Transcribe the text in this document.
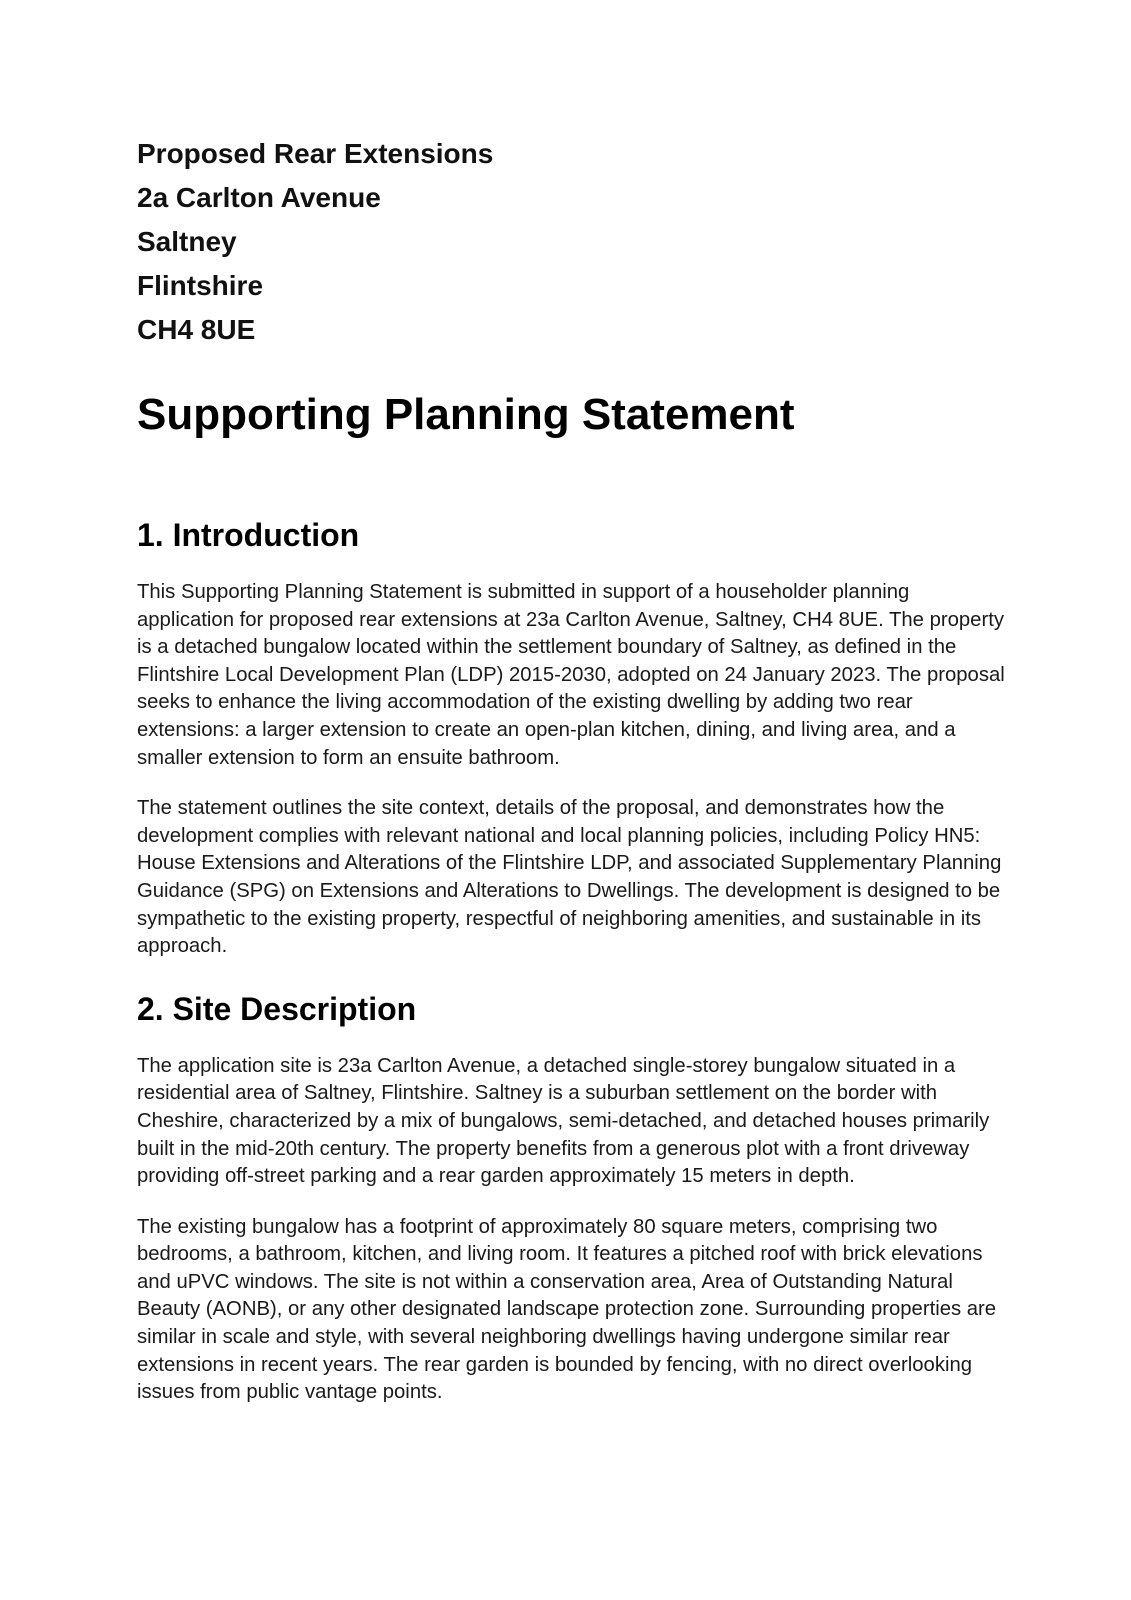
Proposed Rear Extensions

2a Carlton Avenue

Saltney

Flintshire

CH4 8UE

Supporting Planning Statement
1. Introduction

This Supporting Planning Statement is submitted in support of a householder planning application for proposed rear extensions at 23a Carlton Avenue, Saltney, CH4 8UE. The property is a detached bungalow located within the settlement boundary of Saltney, as defined in the Flintshire Local Development Plan (LDP) 2015-2030, adopted on 24 January 2023. The proposal seeks to enhance the living accommodation of the existing dwelling by adding two rear extensions: a larger extension to create an open-plan kitchen, dining, and living area, and a smaller extension to form an ensuite bathroom.

The statement outlines the site context, details of the proposal, and demonstrates how the development complies with relevant national and local planning policies, including Policy HN5: House Extensions and Alterations of the Flintshire LDP, and associated Supplementary Planning Guidance (SPG) on Extensions and Alterations to Dwellings. The development is designed to be sympathetic to the existing property, respectful of neighboring amenities, and sustainable in its approach.

2. Site Description

The application site is 23a Carlton Avenue, a detached single-storey bungalow situated in a residential area of Saltney, Flintshire. Saltney is a suburban settlement on the border with Cheshire, characterized by a mix of bungalows, semi-detached, and detached houses primarily built in the mid-20th century. The property benefits from a generous plot with a front driveway providing off-street parking and a rear garden approximately 15 meters in depth.

The existing bungalow has a footprint of approximately 80 square meters, comprising two bedrooms, a bathroom, kitchen, and living room. It features a pitched roof with brick elevations and uPVC windows. The site is not within a conservation area, Area of Outstanding Natural Beauty (AONB), or any other designated landscape protection zone. Surrounding properties are similar in scale and style, with several neighboring dwellings having undergone similar rear extensions in recent years. The rear garden is bounded by fencing, with no direct overlooking issues from public vantage points.
